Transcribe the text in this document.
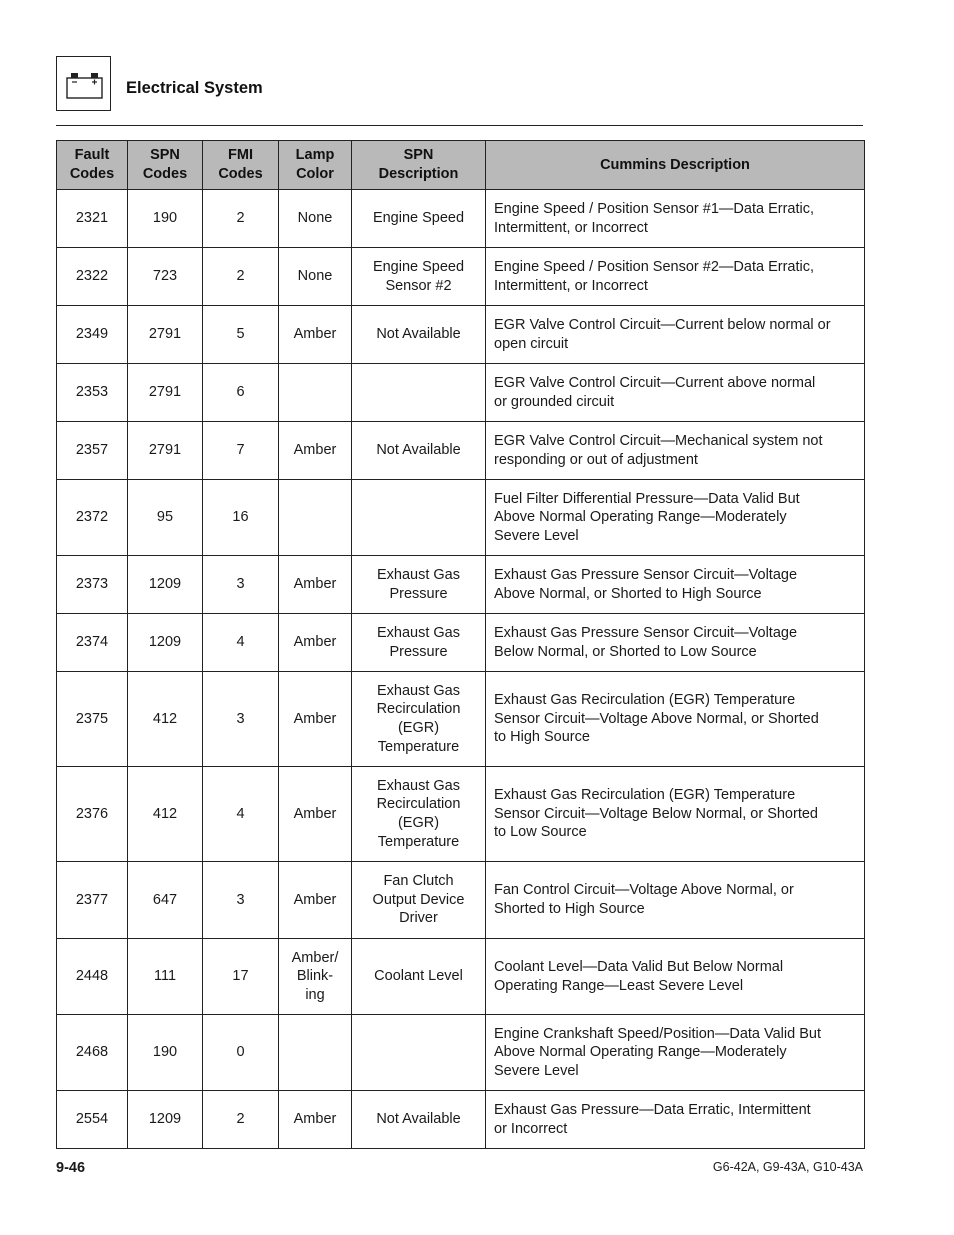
Electrical System
Fault
Codes	SPN
Codes	FMI
Codes	Lamp
Color	SPN
Description	Cummins Description
2321	190	2	None	Engine Speed	Engine Speed / Position Sensor #1—Data Erratic,
Intermittent, or Incorrect
2322	723	2	None	Engine Speed
Sensor #2	Engine Speed / Position Sensor #2—Data Erratic,
Intermittent, or Incorrect
2349	2791	5	Amber	Not Available	EGR Valve Control Circuit—Current below normal or
open circuit
2353	2791	6			EGR Valve Control Circuit—Current above normal
or grounded circuit
2357	2791	7	Amber	Not Available	EGR Valve Control Circuit—Mechanical system not
responding or out of adjustment
2372	95	16			Fuel Filter Differential Pressure—Data Valid But
Above Normal Operating Range—Moderately
Severe Level
2373	1209	3	Amber	Exhaust Gas
Pressure	Exhaust Gas Pressure Sensor Circuit—Voltage
Above Normal, or Shorted to High Source
2374	1209	4	Amber	Exhaust Gas
Pressure	Exhaust Gas Pressure Sensor Circuit—Voltage
Below Normal, or Shorted to Low Source
2375	412	3	Amber	Exhaust Gas
Recirculation
(EGR)
Temperature	Exhaust Gas Recirculation (EGR) Temperature
Sensor Circuit—Voltage Above Normal, or Shorted
to High Source
2376	412	4	Amber	Exhaust Gas
Recirculation
(EGR)
Temperature	Exhaust Gas Recirculation (EGR) Temperature
Sensor Circuit—Voltage Below Normal, or Shorted
to Low Source
2377	647	3	Amber	Fan Clutch
Output Device
Driver	Fan Control Circuit—Voltage Above Normal, or
Shorted to High Source
2448	111	17	Amber/
Blink-
ing	Coolant Level	Coolant Level—Data Valid But Below Normal
Operating Range—Least Severe Level
2468	190	0			Engine Crankshaft Speed/Position—Data Valid But
Above Normal Operating Range—Moderately
Severe Level
2554	1209	2	Amber	Not Available	Exhaust Gas Pressure—Data Erratic, Intermittent
or Incorrect
9-46	G6-42A, G9-43A, G10-43A
